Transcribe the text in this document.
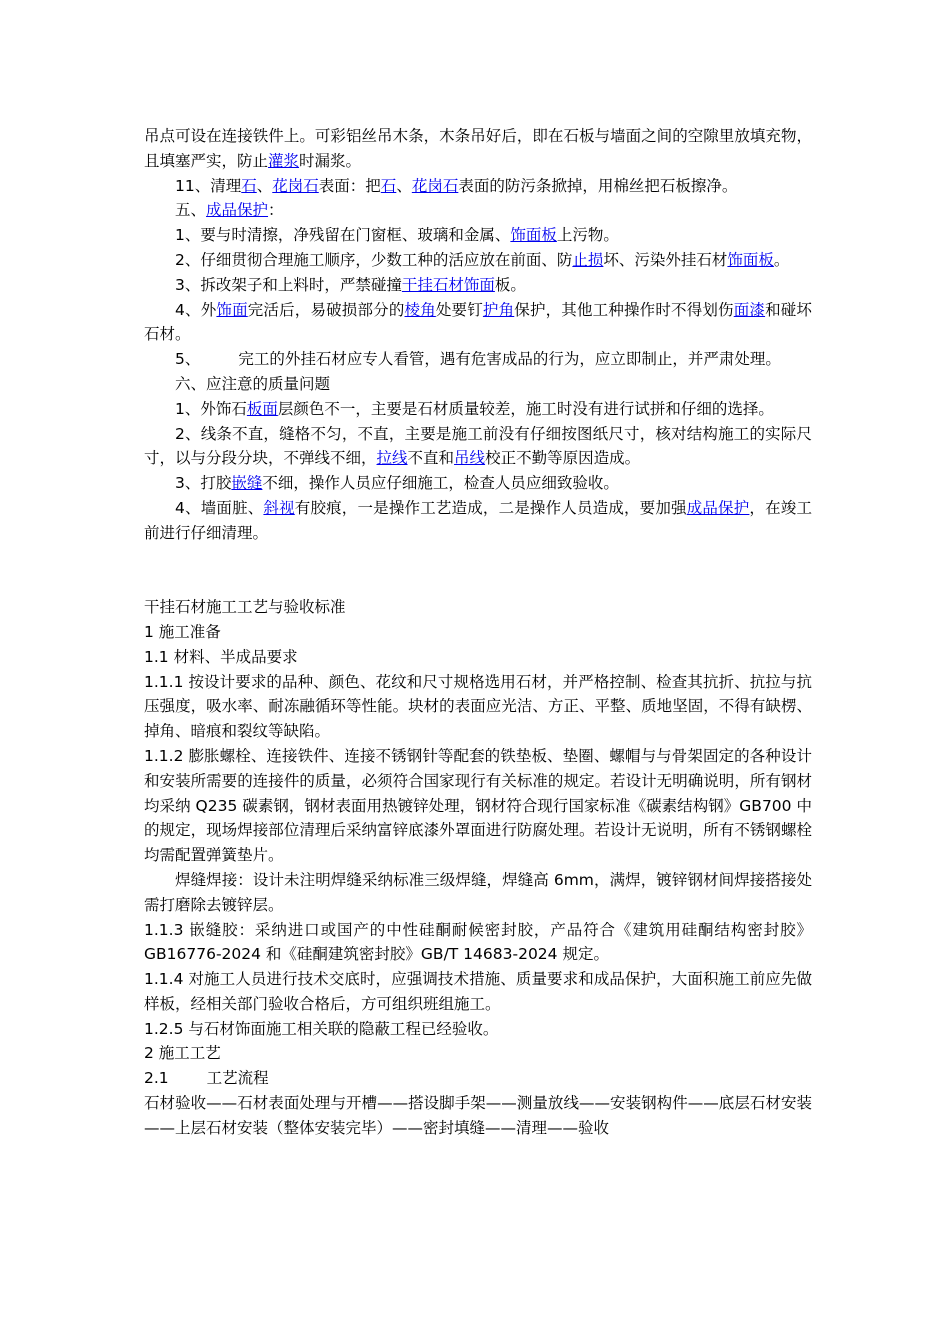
吊点可设在连接铁件上。可彩铝丝吊木条，木条吊好后，即在石板与墙面之间的空隙里放填充物，且填塞严实，防止灌浆时漏浆。

11、清理石、花岗石表面：把石、花岗石表面的防污条掀掉，用棉丝把石板擦净。

五、成品保护：

1、要与时清擦，净残留在门窗框、玻璃和金属、饰面板上污物。

2、仔细贯彻合理施工顺序，少数工种的活应放在前面、防止损坏、污染外挂石材饰面板。

3、拆改架子和上料时，严禁碰撞干挂石材饰面板。

4、外饰面完活后，易破损部分的棱角处要钉护角保护，其他工种操作时不得划伤面漆和碰坏石材。

5、 完工的外挂石材应专人看管，遇有危害成品的行为，应立即制止，并严肃处理。

六、应注意的质量问题

1、外饰石板面层颜色不一，主要是石材质量较差，施工时没有进行试拼和仔细的选择。

2、线条不直，缝格不匀，不直，主要是施工前没有仔细按图纸尺寸，核对结构施工的实际尺寸，以与分段分块，不弹线不细，拉线不直和吊线校正不勤等原因造成。

3、打胶嵌缝不细，操作人员应仔细施工，检查人员应细致验收。

4、墙面脏、斜视有胶痕，一是操作工艺造成，二是操作人员造成，要加强成品保护，在竣工前进行仔细清理。

干挂石材施工工艺与验收标准

1 施工准备

1.1 材料、半成品要求

1.1.1 按设计要求的品种、颜色、花纹和尺寸规格选用石材，并严格控制、检查其抗折、抗拉与抗压强度，吸水率、耐冻融循环等性能。块材的表面应光洁、方正、平整、质地坚固，不得有缺楞、掉角、暗痕和裂纹等缺陷。

1.1.2 膨胀螺栓、连接铁件、连接不锈钢针等配套的铁垫板、垫圈、螺帽与与骨架固定的各种设计和安装所需要的连接件的质量，必须符合国家现行有关标准的规定。若设计无明确说明，所有钢材均采纳 Q235 碳素钢，钢材表面用热镀锌处理，钢材符合现行国家标准《碳素结构钢》GB700 中的规定，现场焊接部位清理后采纳富锌底漆外罩面进行防腐处理。若设计无说明，所有不锈钢螺栓均需配置弹簧垫片。

焊缝焊接：设计未注明焊缝采纳标准三级焊缝，焊缝高 6mm，满焊，镀锌钢材间焊接搭接处需打磨除去镀锌层。

1.1.3 嵌缝胶：采纳进口或国产的中性硅酮耐候密封胶，产品符合《建筑用硅酮结构密封胶》GB16776-2024 和《硅酮建筑密封胶》GB/T 14683-2024 规定。

1.1.4 对施工人员进行技术交底时，应强调技术措施、质量要求和成品保护，大面积施工前应先做样板，经相关部门验收合格后，方可组织班组施工。

1.2.5 与石材饰面施工相关联的隐蔽工程已经验收。

2 施工工艺

2.1 工艺流程

石材验收——石材表面处理与开槽——搭设脚手架——测量放线——安装钢构件——底层石材安装——上层石材安装（整体安装完毕）——密封填缝——清理——验收
